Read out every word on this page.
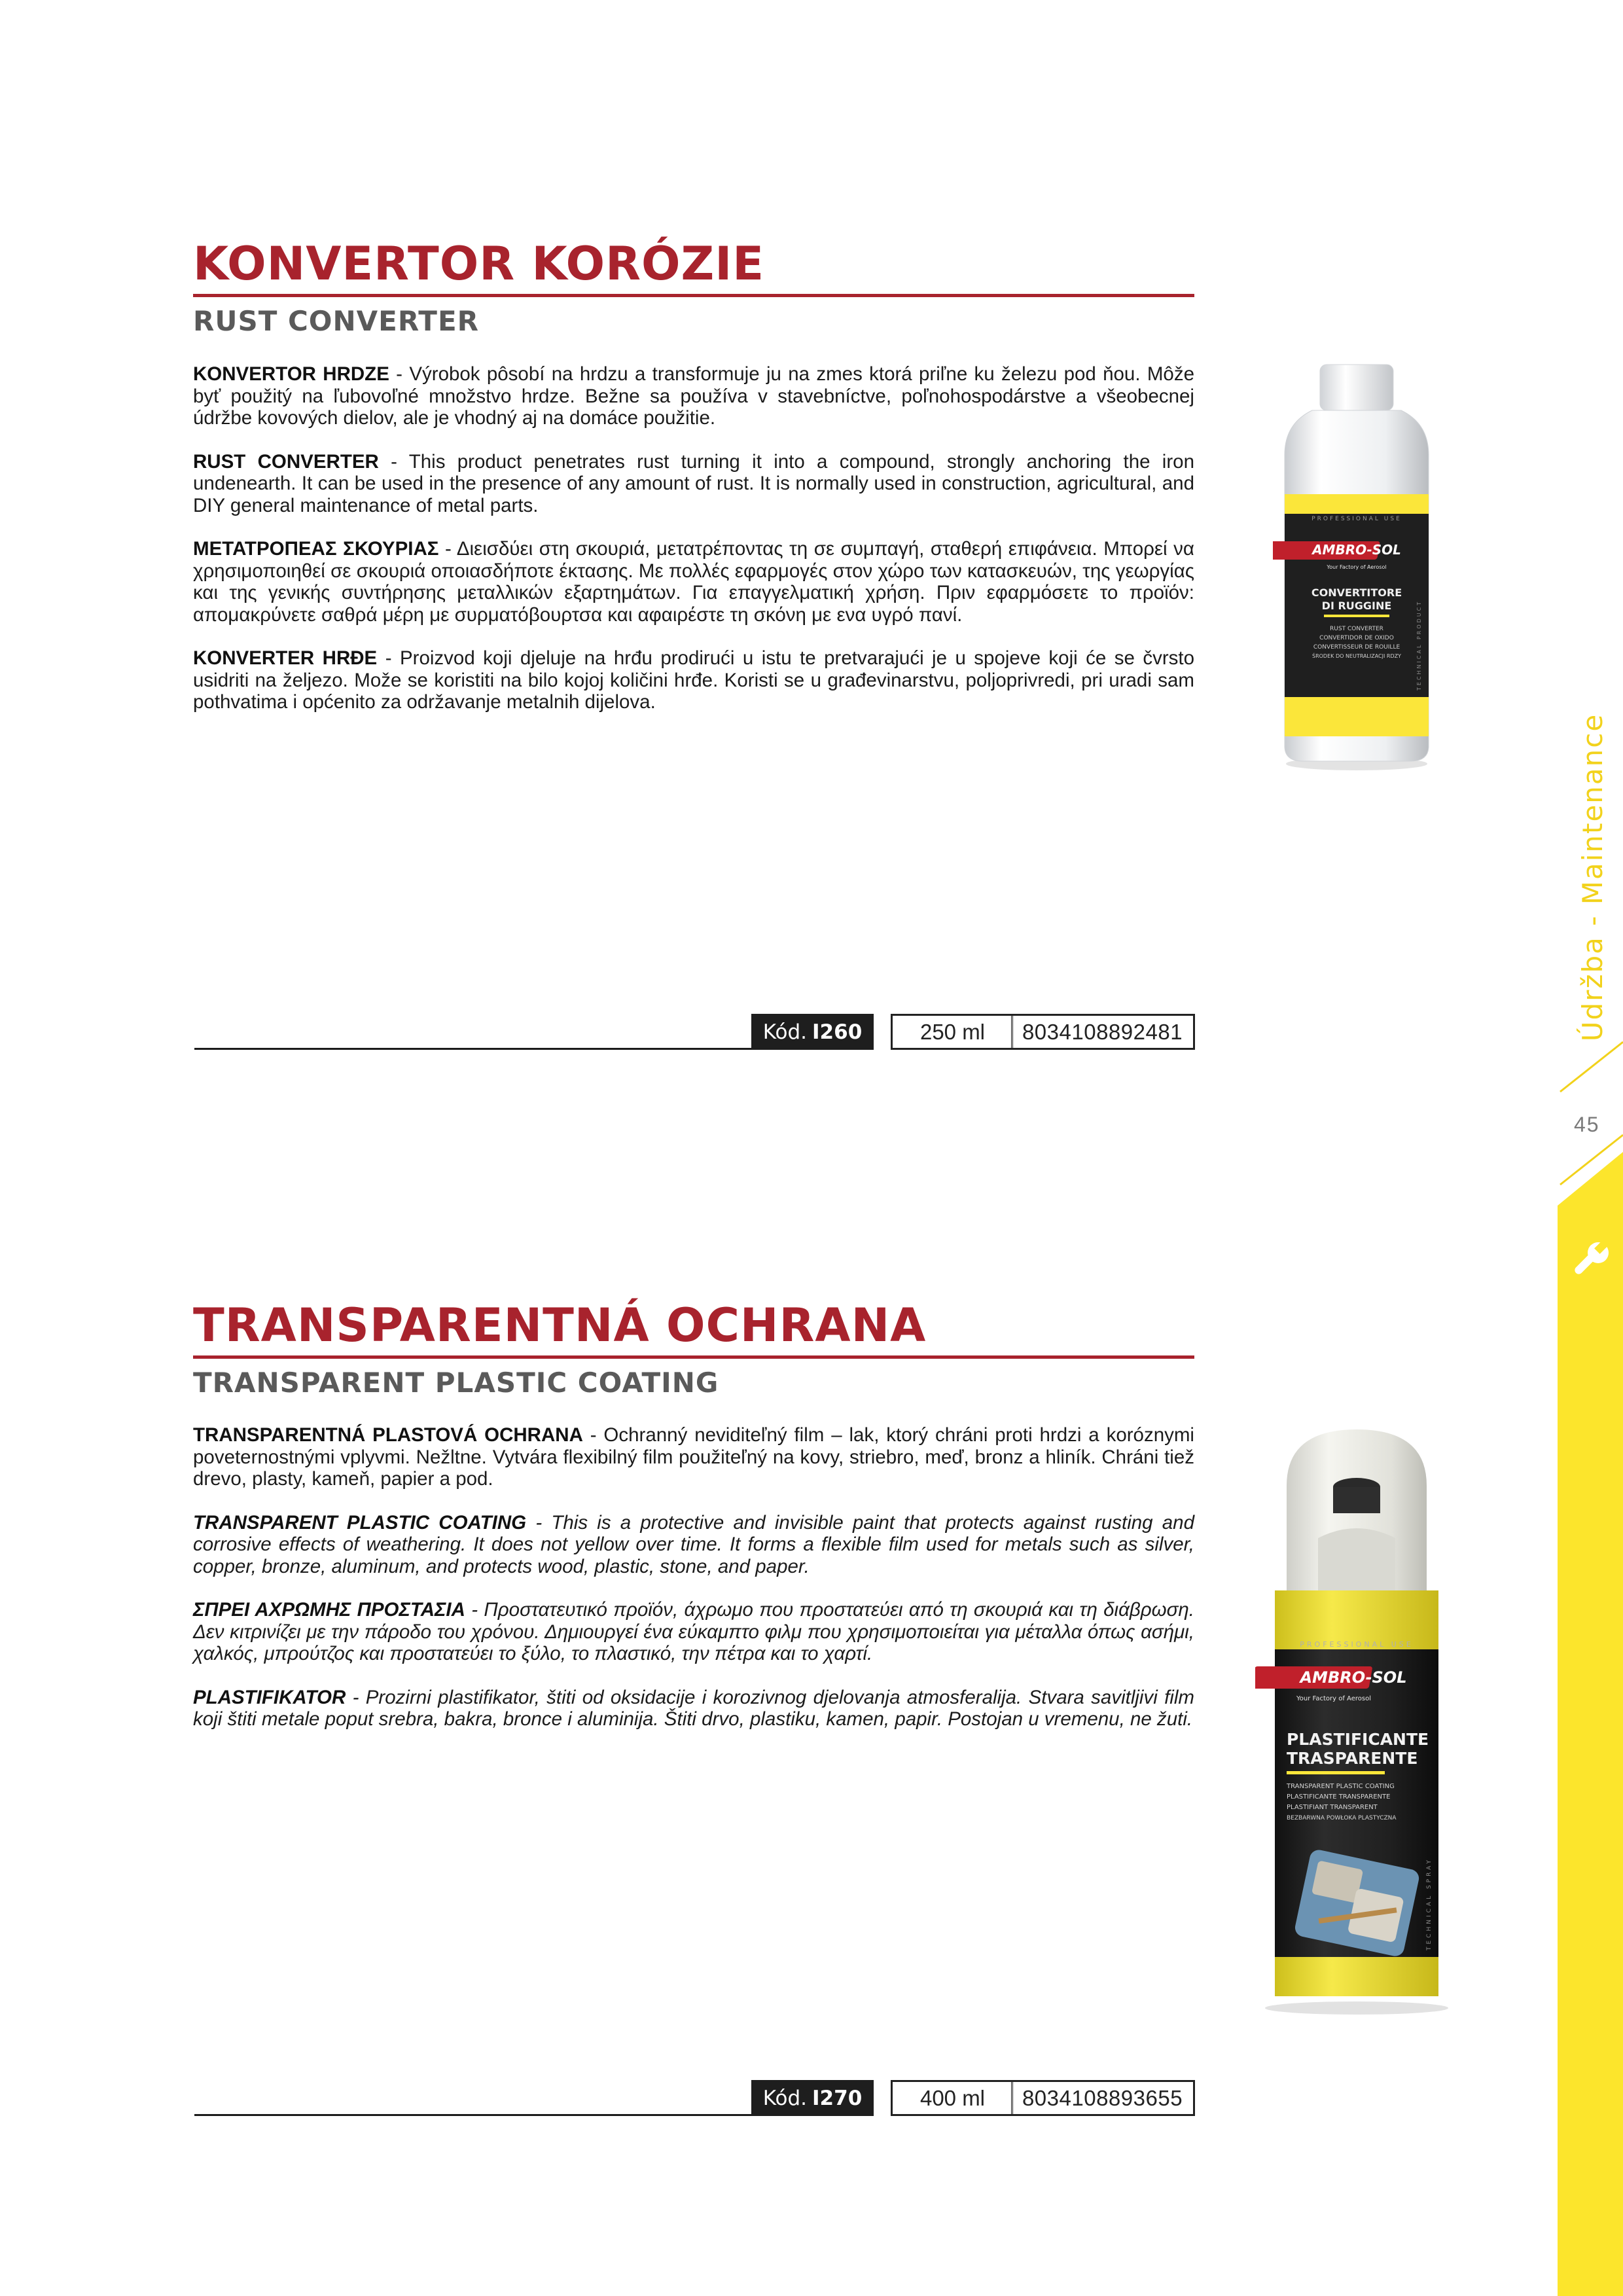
Údržba - Maintenance
45
KONVERTOR KORÓZIE
RUST CONVERTER

KONVERTOR HRDZE - Výrobok pôsobí na hrdzu a transformuje ju na zmes ktorá priľne ku železu pod ňou. Môže byť použitý na ľubovoľné množstvo hrdze. Bežne sa používa v stavebníctve, poľnohospodárstve a všeobecnej údržbe kovových dielov, ale je vhodný aj na domáce použitie.

RUST CONVERTER - This product penetrates rust turning it into a compound, strongly anchoring the iron undenearth. It can be used in the presence of any amount of rust. It is normally used in construction, agricultural, and DIY general maintenance of metal parts.

ΜΕΤΑΤΡΟΠΕΑΣ ΣΚΟΥΡΙΑΣ - Διεισδύει στη σκουριά, μετατρέποντας τη σε συμπαγή, σταθερή επιφάνεια. Μπορεί να χρησιμοποιηθεί σε σκουριά οποιασδήποτε έκτασης. Με πολλές εφαρμογές στον χώρο των κατασκευών, της γεωργίας και της γενικής συντήρησης μεταλλικών εξαρτημάτων. Για επαγγελματική χρήση. Πριν εφαρμόσετε το προϊόν: απομακρύνετε σαθρά μέρη με συρματόβουρτσα και αφαιρέστε τη σκόνη με ενα υγρό πανί.

KONVERTER HRĐE - Proizvod koji djeluje na hrđu prodirući u istu te pretvarajući je u spojeve koji će se čvrsto usidriti na željezo. Može se koristiti na bilo kojoj količini hrđe. Koristi se u građevinarstvu, poljoprivredi, pri uradi sam pothvatima i općenito za održavanje metalnih dijelova.

PROFESSIONAL USE
AMBRO-SOL
Your Factory of Aerosol
CONVERTITORE
DI RUGGINE
RUST CONVERTER
CONVERTIDOR DE OXIDO
CONVERTISSEUR DE ROUILLE
ŚRODEK DO NEUTRALIZACJI RDZY	TECHNICAL PRODUCT
Kód. I260	250 ml	8034108892481
TRANSPARENTNÁ OCHRANA
TRANSPARENT PLASTIC COATING

TRANSPARENTNÁ PLASTOVÁ OCHRANA - Ochranný neviditeľný film – lak, ktorý chráni proti hrdzi a koróznymi poveternostnými vplyvmi. Nežltne. Vytvára flexibilný film použiteľný na kovy, striebro, meď, bronz a hliník. Chráni tiež drevo, plasty, kameň, papier a pod.

TRANSPARENT PLASTIC COATING - This is a protective and invisible paint that protects against rusting and corrosive effects of weathering. It does not yellow over time. It forms a flexible film used for metals such as silver, copper, bronze, aluminum, and protects wood, plastic, stone, and paper.

ΣΠΡΕΙ ΑΧΡΩΜΗΣ ΠΡΟΣΤΑΣΙΑ - Προστατευτικό προϊόν, άχρωμο που προστατεύει από τη σκουριά και τη διάβρωση. Δεν κιτρινίζει με την πάροδο του χρόνου. Δημιουργεί ένα εύκαμπτο φιλμ που χρησιμοποιείται για μέταλλα όπως ασήμι, χαλκός, μπρούτζος και προστατεύει το ξύλο, το πλαστικό, την πέτρα και το χαρτί.

PLASTIFIKATOR - Prozirni plastifikator, štiti od oksidacije i korozivnog djelovanja atmosferalija. Stvara savitljivi film koji štiti metale poput srebra, bakra, bronce i aluminija. Štiti drvo, plastiku, kamen, papir. Postojan u vremenu, ne žuti.

PROFESSIONAL USE
AMBRO-SOL
Your Factory of Aerosol
PLASTIFICANTE
TRASPARENTE
TRANSPARENT PLASTIC COATING
PLASTIFICANTE TRANSPARENTE
PLASTIFIANT TRANSPARENT
BEZBARWNA POWŁOKA PLASTYCZNA
TECHNICAL SPRAY
Kód. I270	400 ml	8034108893655
